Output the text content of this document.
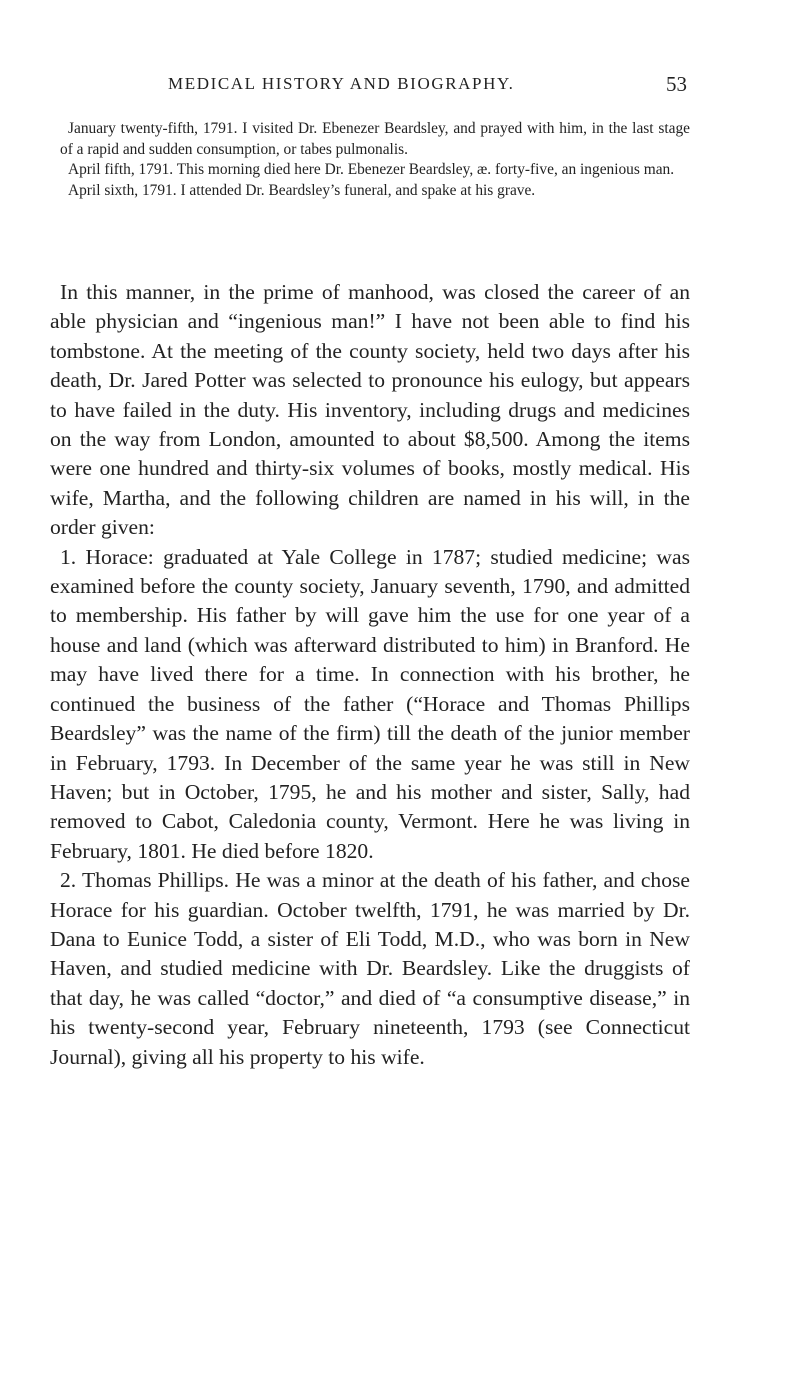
MEDICAL HISTORY AND BIOGRAPHY.	53

January twenty-fifth, 1791. I visited Dr. Ebenezer Beardsley, and prayed with him, in the last stage of a rapid and sudden consumption, or tabes pulmonalis.

April fifth, 1791. This morning died here Dr. Ebenezer Beardsley, æ. forty-five, an ingenious man.

April sixth, 1791. I attended Dr. Beardsley’s funeral, and spake at his grave.

In this manner, in the prime of manhood, was closed the career of an able physician and “ingenious man!” I have not been able to find his tombstone. At the meeting of the county society, held two days after his death, Dr. Jared Potter was selected to pronounce his eulogy, but appears to have failed in the duty. His inventory, including drugs and medicines on the way from London, amounted to about $8,500. Among the items were one hundred and thirty-six volumes of books, mostly medical. His wife, Martha, and the following children are named in his will, in the order given:

1. Horace: graduated at Yale College in 1787; studied medicine; was examined before the county society, January seventh, 1790, and admitted to membership. His father by will gave him the use for one year of a house and land (which was afterward distributed to him) in Branford. He may have lived there for a time. In connection with his brother, he continued the business of the father (“Horace and Thomas Phillips Beardsley” was the name of the firm) till the death of the junior member in February, 1793. In December of the same year he was still in New Haven; but in October, 1795, he and his mother and sister, Sally, had removed to Cabot, Caledonia county, Vermont. Here he was living in February, 1801. He died before 1820.

2. Thomas Phillips. He was a minor at the death of his father, and chose Horace for his guardian. October twelfth, 1791, he was married by Dr. Dana to Eunice Todd, a sister of Eli Todd, M.D., who was born in New Haven, and studied medicine with Dr. Beardsley. Like the druggists of that day, he was called “doctor,” and died of “a consumptive disease,” in his twenty-second year, February nineteenth, 1793 (see Connecticut Journal), giving all his property to his wife.
